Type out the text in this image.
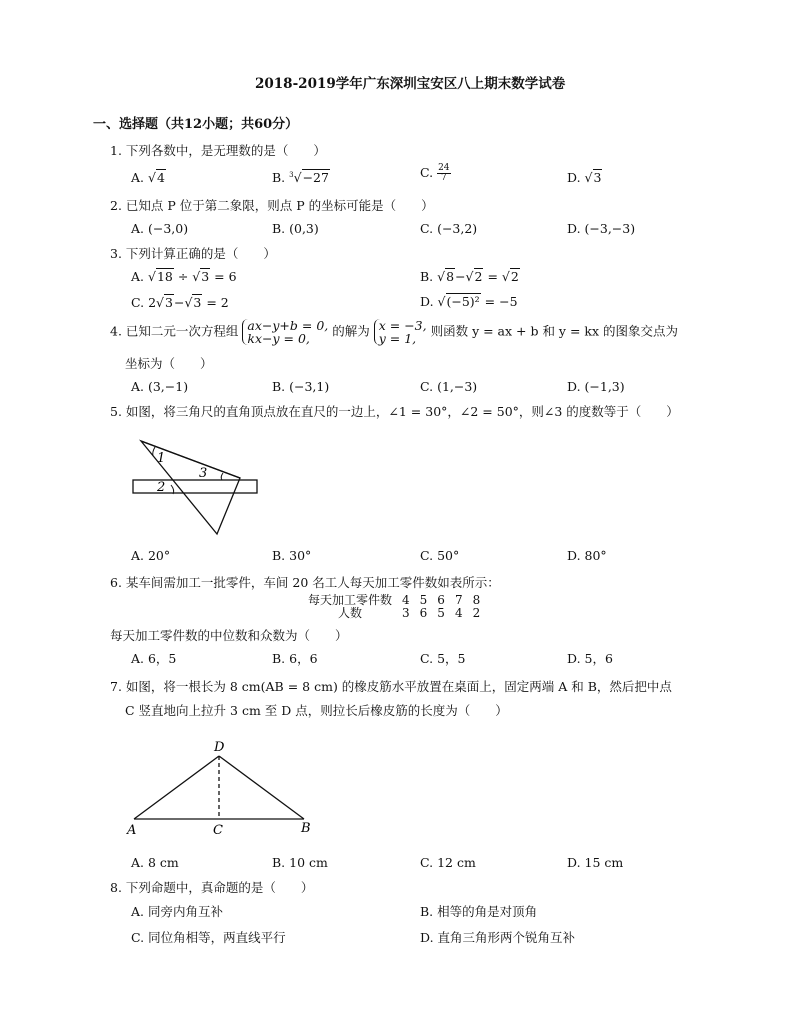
2018-2019学年广东深圳宝安区八上期末数学试卷
一、选择题（共12小题；共60分）
1. 下列各数中，是无理数的是（　　）
A. √4	B. $^3$√−27	C. $\frac{24}{7}$	D. √3
2. 已知点 P 位于第二象限，则点 P 的坐标可能是（　　）
A. (−3,0)	B. (0,3)	C. (−3,2)	D. (−3,−3)
3. 下列计算正确的是（　　）
A. √18 ÷ √3 = 6	B. √8−√2 = √2
C. 2√3−√3 = 2	D. √(−5)² = −5
4. 已知二元一次方程组 ax−y+b = 0,
kx−y = 0,	的解为 x = −3,
y = 1,	则函数 y = ax + b 和 y = kx 的图象交点为
坐标为（　　）
A. (3,−1)	B. (−3,1)	C. (1,−3)	D. (−1,3)
5. 如图，将三角尺的直角顶点放在直尺的一边上，∠1 = 30°，∠2 = 50°，则∠3 的度数等于（　　）
1
2
3
A. 20°	B. 30°	C. 50°	D. 80°
6. 某车间需加工一批零件，车间 20 名工人每天加工零件数如表所示：
每天加工零件数	4	5	6	7	8
人数	3	6	5	4	2
每天加工零件数的中位数和众数为（　　）
A. 6，5	B. 6，6	C. 5，5	D. 5，6
7. 如图，将一根长为 8 cm(AB = 8 cm) 的橡皮筋水平放置在桌面上，固定两端 A 和 B，然后把中点
C 竖直地向上拉升 3 cm 至 D 点，则拉长后橡皮筋的长度为（　　）
A	B
C
D
A. 8 cm	B. 10 cm	C. 12 cm	D. 15 cm
8. 下列命题中，真命题的是（　　）
A. 同旁内角互补	B. 相等的角是对顶角
C. 同位角相等，两直线平行	D. 直角三角形两个锐角互补
